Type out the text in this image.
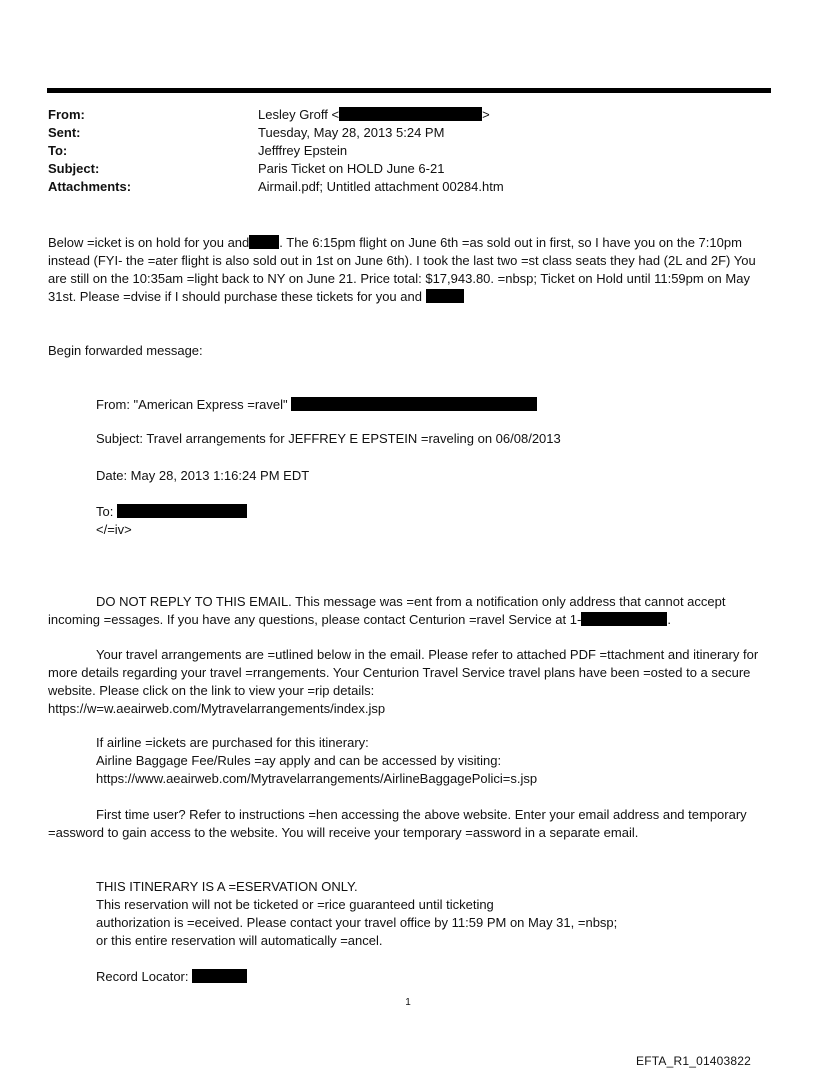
From:	Lesley Groff <	>
Sent:	Tuesday, May 28, 2013 5:24 PM
To:	Jefffrey Epstein
Subject:	Paris Ticket on HOLD June 6-21
Attachments:	Airmail.pdf; Untitled attachment 00284.htm

Below =icket is on hold for you and . The 6:15pm flight on June 6th =as sold out in first, so I have you on the 7:10pm instead (FYI- the =ater flight is also sold out in 1st on June 6th). I took the last two =st class seats they had (2L and 2F) You are still on the 10:35am =light back to NY on June 21. Price total: $17,943.80. =nbsp; Ticket on Hold until 11:59pm on May 31st. Please =dvise if I should purchase these tickets for you and

Begin forwarded message:

From: "American Express =ravel"

Subject: Travel arrangements for JEFFREY E EPSTEIN =raveling on 06/08/2013

Date: May 28, 2013 1:16:24 PM EDT

To:

</=iv>

DO NOT REPLY TO THIS EMAIL. This message was =ent from a notification only address that cannot accept incoming =essages. If you have any questions, please contact Centurion =ravel Service at 1-	.
Your travel arrangements are =utlined below in the email. Please refer to attached PDF =ttachment and itinerary for more details regarding your travel =rrangements. Your Centurion Travel Service travel plans have been =osted to a secure website. Please click on the link to view your =rip details:
https://w=w.aeairweb.com/Mytravelarrangements/index.jsp

If airline =ickets are purchased for this itinerary:

Airline Baggage Fee/Rules =ay apply and can be accessed by visiting:

https://www.aeairweb.com/Mytravelarrangements/AirlineBaggagePolici=s.jsp

First time user? Refer to instructions =hen accessing the above website. Enter your email address and temporary =assword to gain access to the website. You will receive your temporary =assword in a separate email.

THIS ITINERARY IS A =ESERVATION ONLY.

This reservation will not be ticketed or =rice guaranteed until ticketing

authorization is =eceived. Please contact your travel office by 11:59 PM on May 31, =nbsp;

or this entire reservation will automatically =ancel.

Record Locator:

1
EFTA_R1_01403822
